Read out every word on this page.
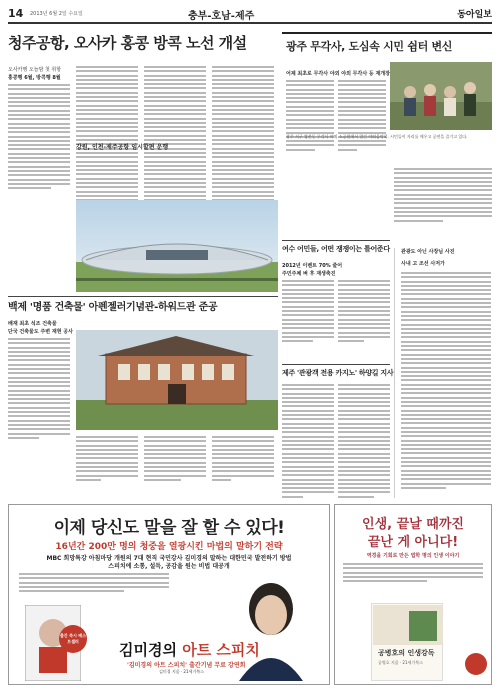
14 2013년 6월 2일 수요일	충부-호남-제주	동아일보
청주공항, 오사카 홍콩 방콕 노선 개설
오사카행 오늘밤 첫 취항
홍콩행 6월, 방콕행 8월
강원, 인천-제주공항 임시할편 운행
광주 무각사, 도심속 시민 쉼터 변신
어제 최초로 무각사 야외 야외 무각사 등 재개장
광주 서구 쌍촌동 무각사 야외 소공원에서 열린 야외음악회. 시민들이 자리를 메우고 공연을 즐기고 있다.
백제 '명품 건축물' 아펜젤러기념관-하워드관 준공
배재 최초 석조 건축물
단국 건축물도 주변 재현 공사
여수 어민들, 어떤 쟁쟁이는 틀어준다
2012년 이벤트 70% 줄어
주민주체 벼 후 재생축진
제주 '관광객 전용 카지노' 하양길 지사
관광도 아닌 사장님 사진
사내 고 조선 사저가
이제 당신도 말을 잘 할 수 있다!
16년간 200만 명의 청중을 열광시킨 마법의 말하기 전략
MBC 희망특강 아침마당 개원의 7대 현직 국민강사 김미경의 말하는 대한민국 발전하기 방법
스피치에 소통, 설득, 공감을 원는 비법 대공개
김미경의 아트 스피치
'김미경의 아트 스피치' 출간기념 무료 강연회
김미경 지음 · 21세기북스
출간 즉시 베스트셀러
인생, 끝날 때까진
끝난 게 아니다!
역경을 기회로 만든 법학 명의 인생 이야기
공병호의 인생강독
공병호 지음 · 21세기북스
